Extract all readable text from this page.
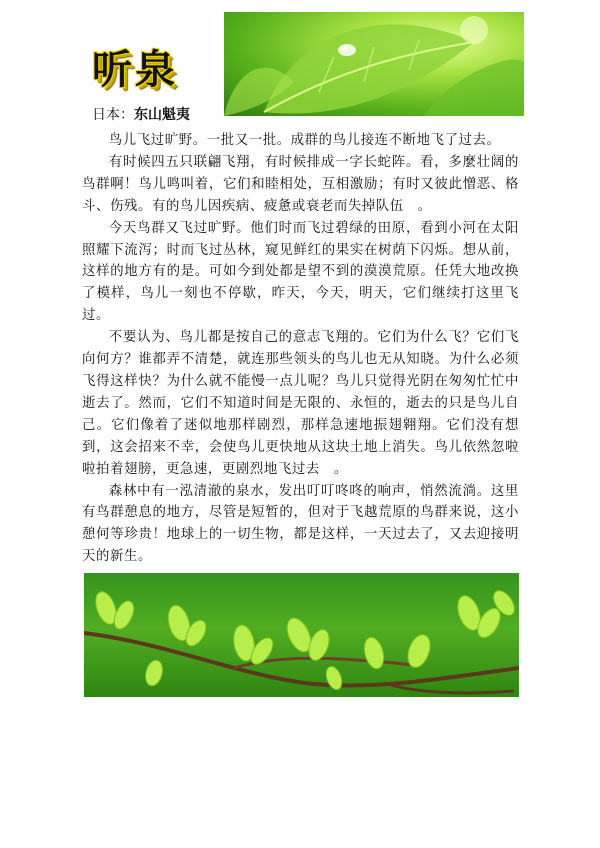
听泉
日本 ： 东山魁夷

鸟儿飞过旷野。一批又一批。成群的鸟儿接连不断地飞了过去。

有时候四五只联翩飞翔，有时候排成一字长蛇阵。看，多麼壮阔的鸟群啊！鸟儿鸣叫着，它们和睦相处，互相激励；有时又彼此憎恶、格斗、伤残。有的鸟儿因疾病、疲惫或衰老而失掉队伍　。

今天鸟群又飞过旷野。他们时而飞过碧绿的田原，看到小河在太阳照耀下流泻；时而飞过丛林，窥见鲜红的果实在树荫下闪烁。想从前，这样的地方有的是。可如今到处都是望不到的漠漠荒原。任凭大地改换了模样，鸟儿一刻也不停歇，昨天，今天，明天，它们继续打这里飞过。

不要认为、鸟儿都是按自己的意志飞翔的。它们为什么飞？它们飞向何方？谁都弄不清楚，就连那些领头的鸟儿也无从知晓。为什么必须飞得这样快？为什么就不能慢一点儿呢？鸟儿只觉得光阴在匆匆忙忙中逝去了。然而，它们不知道时间是无限的、永恒的，逝去的只是鸟儿自己。它们像着了迷似地那样剧烈，那样急速地振翅翱翔。它们没有想到，这会招来不幸，会使鸟儿更快地从这块土地上消失。鸟儿依然忽啦啦拍着翅膀，更急速，更剧烈地飞过去　。

森林中有一泓清澈的泉水，发出叮叮咚咚的响声，悄然流淌。这里有鸟群憩息的地方，尽管是短暂的，但对于飞越荒原的鸟群来说，这小憩何等珍贵！地球上的一切生物，都是这样，一天过去了，又去迎接明天的新生。
